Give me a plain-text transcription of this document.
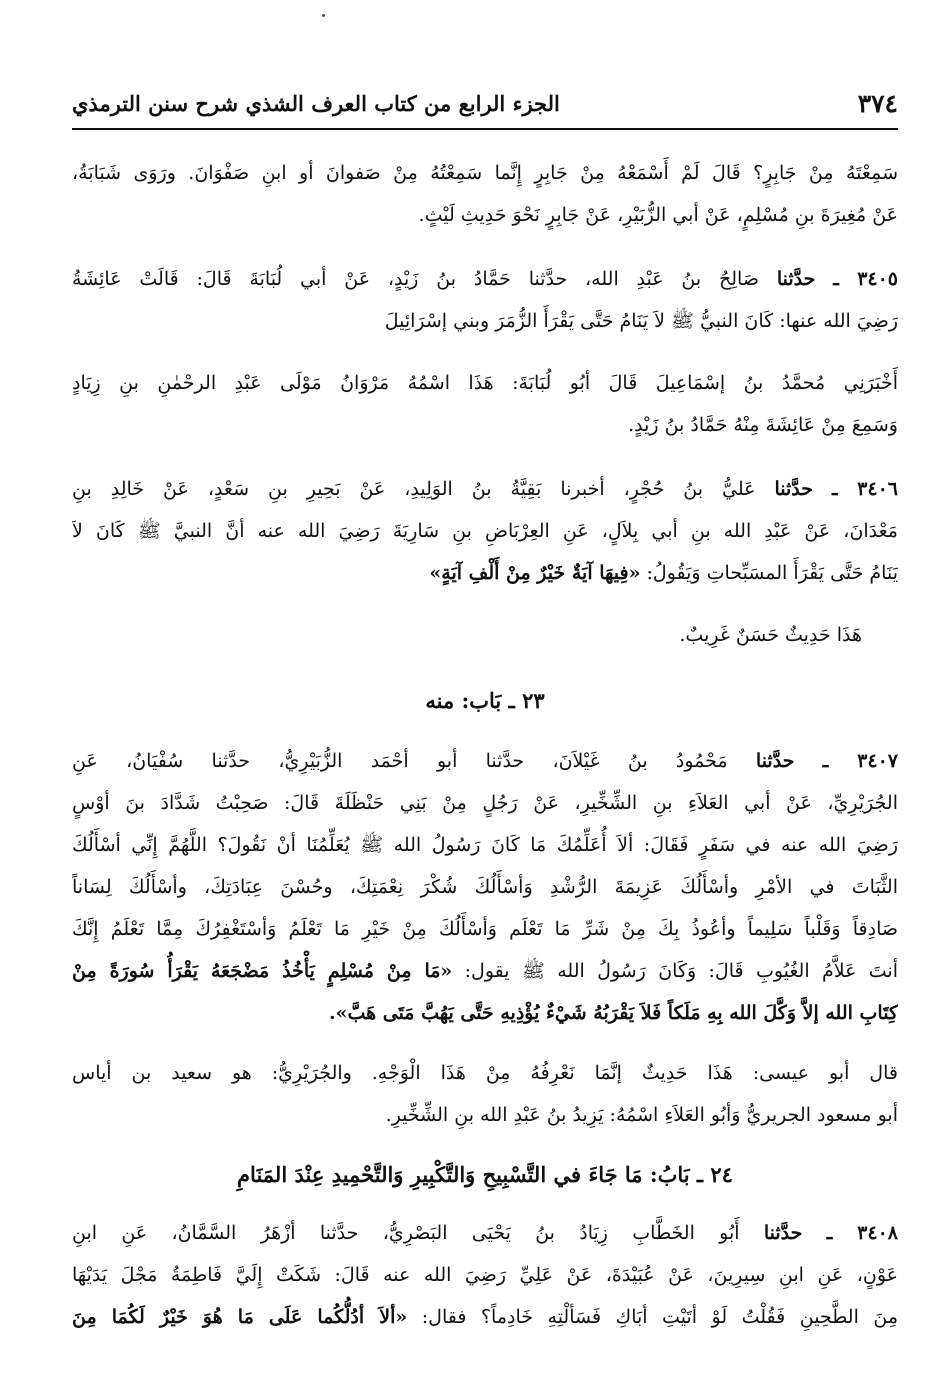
٣٧٤
الجزء الرابع من كتاب العرف الشذي شرح سنن الترمذي
سَمِعْتَهُ مِنْ جَابِرٍ؟ قَالَ لَمْ أَسْمَعْهُ مِنْ جَابِرٍ إِنَّما سَمِعْتُهُ مِنْ صَفوانَ أو ابنِ صَفْوَانَ. ورَوَى شَبَابَةُ،
عَنْ مُغِيرَةَ بنِ مُسْلِمٍ، عَنْ أبي الزُّبَيْرِ، عَنْ جَابِرٍ نَحْوَ حَدِيثِ لَيْثٍ.
٣٤٠٥ ـ حدَّثنا صَالِحُ بنُ عَبْدِ الله، حدَّثنا حَمَّادُ بنُ زَيْدٍ، عَنْ أبي لُبَابَةَ قَالَ: قَالَتْ عَائِشَةُ
رَضِيَ الله عنها: كَانَ النبيُّ ﷺ لاَ يَنَامُ حَتَّى يَقْرَأَ الزُّمَرَ وبني إسْرَائِيلَ
أَخْبَرَنِي مُحمَّدُ بنُ إسْمَاعِيلَ قَالَ أبُو لُبَابَةَ: هَذَا اسْمُهُ مَرْوَانُ مَوْلَى عَبْدِ الرحْمٰنِ بنِ زِيَادٍ
وَسَمِعَ مِنْ عَائِشَةَ مِنْهُ حَمَّادُ بنُ زَيْدٍ.
٣٤٠٦ ـ حدَّثنا عَليُّ بنُ حُجْرٍ، أخبرنا بَقِيَّةُ بنُ الوَلِيدِ، عَنْ بَحِيرِ بنِ سَعْدٍ، عَنْ خَالِدِ بنِ
مَعْدَانَ، عَنْ عَبْدِ الله بنِ أبي بِلاَلٍ، عَنِ العِرْبَاضِ بنِ سَارِيَةَ رَضِيَ الله عنه أنَّ النبيَّ ﷺ كَانَ لاَ
يَنَامُ حَتَّى يَقْرَأَ المسَبِّحاتِ وَيَقُولُ: «فِيهَا آيَةٌ خَيْرٌ مِنْ أَلْفِ آيَةٍ»
هَذَا حَدِيثٌ حَسَنٌ غَرِيبٌ.
٢٣ ـ بَاب: منه
٣٤٠٧ ـ حدَّثنا مَحْمُودُ بنُ غَيْلاَنَ، حدَّثنا أبو أحْمَد الزُّبَيْرِيُّ، حدَّثنا سُفْيَانُ، عَنِ
الجُرَيْرِيِّ، عَنْ أبي العَلاَءِ بنِ الشِّخِّيرِ، عَنْ رَجُلٍ مِنْ بَنِي حَنْظَلَةَ قَالَ: صَحِبْتُ شَدَّادَ بنَ أوْسٍ
رَضِيَ الله عنه في سَفَرٍ فَقَالَ: ألاَ أُعَلِّمُكَ مَا كَانَ رَسُولُ الله ﷺ يُعَلِّمُنَا أنْ نَقُولَ؟ اللَّهُمَّ إِنِّي أسْأَلُكَ
الثَّبَاتَ في الأمْرِ وأسْأَلُكَ عَزِيمَةَ الرُّشْدِ وَأسْأَلُكَ شُكْرَ نِعْمَتِكَ، وحُسْنَ عِبَادَتِكَ، وأسْأَلُكَ لِسَاناً
صَادِقاً وَقَلْباً سَلِيماً وأعُوذُ بِكَ مِنْ شَرِّ مَا تَعْلَم وَأسْأَلُكَ مِنْ خَيْرِ مَا تَعْلَمُ وَأسْتَغْفِرُكَ مِمَّا تَعْلَمُ إِنَّكَ
أنتَ عَلاَّمُ الغُيُوبِ قَالَ: وَكَانَ رَسُولُ الله ﷺ يقول: «مَا مِنْ مُسْلِمٍ يَأْخُذُ مَضْجَعَهُ يَقْرَأُ سُورَةً مِنْ
كِتَابِ الله إلاَّ وَكَّلَ الله بِهِ مَلَكاً فَلاَ يَقْرَبُهُ شَيْءٌ يُؤْذِيهِ حَتَّى يَهُبَّ مَتَى هَبَّ».
قال أبو عيسى: هَذَا حَدِيثٌ إنَّمَا نَعْرِفُهُ مِنْ هَذَا الْوَجْهِ. والجُرَيْرِيُّ: هو سعيد بن أياس
أبو مسعود الجريريُّ وَأبُو العَلاَءِ اسْمُهُ: يَزِيدُ بنُ عَبْدِ الله بنِ الشِّخِّيرِ.
٢٤ ـ بَابُ: مَا جَاءَ في التَّسْبِيحِ وَالتَّكْبِيرِ وَالتَّحْمِيدِ عِنْدَ المَنَامِ
٣٤٠٨ ـ حدَّثنا أَبُو الخَطَّابِ زِيَادُ بنُ يَحْيَى البَصْرِيُّ، حدَّثنا أزْهَرُ السَّمَّانُ، عَنِ ابنِ
عَوْنٍ، عَنِ ابنِ سِيرِينَ، عَنْ عُبَيْدَةَ، عَنْ عَلِيِّ رَضِيَ الله عنه قَالَ: شَكَتْ إِلَيَّ فَاطِمَةُ مَجْلَ يَدَيْهَا
مِنَ الطَّحِينِ فَقُلْتُ لَوْ أتَيْتِ أبَاكِ فَسَألْتِهِ خَادِماً؟ فقال: «ألاَ أدُلُّكُما عَلَى مَا هُوَ خَيْرٌ لَكُمَا مِنَ
